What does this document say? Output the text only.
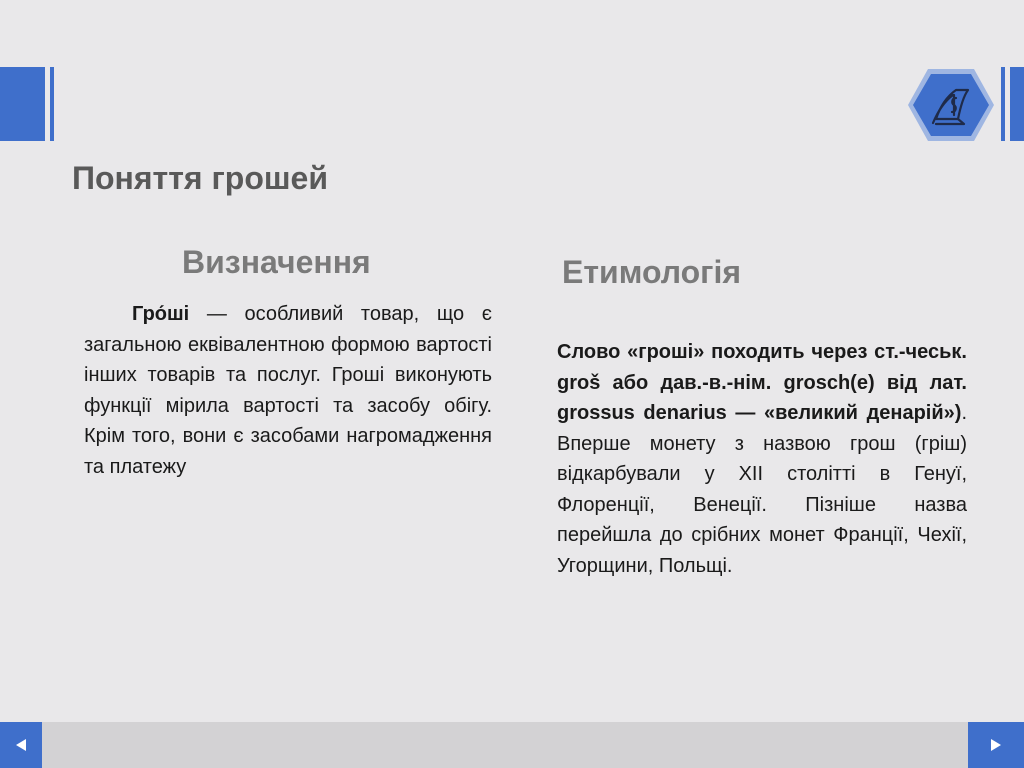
Поняття грошей
Визначення	Етимологія

Гро́ші — особливий товар, що є загальною еквівалентною формою вартості інших товарів та послуг. Гроші виконують функції мірила вартості та засобу обігу. Крім того, вони є засобами нагромадження та платежу

Слово «гроші» походить через ст.-чеськ. groš або дав.-в.-нім. grosch(e) від лат. grossus denarius — «великий денарій»). Вперше монету з назвою грош (гріш) відкарбували у XII столітті в Генуї, Флоренції, Венеції. Пізніше назва перейшла до срібних монет Франції, Чехії, Угорщини, Польщі.
